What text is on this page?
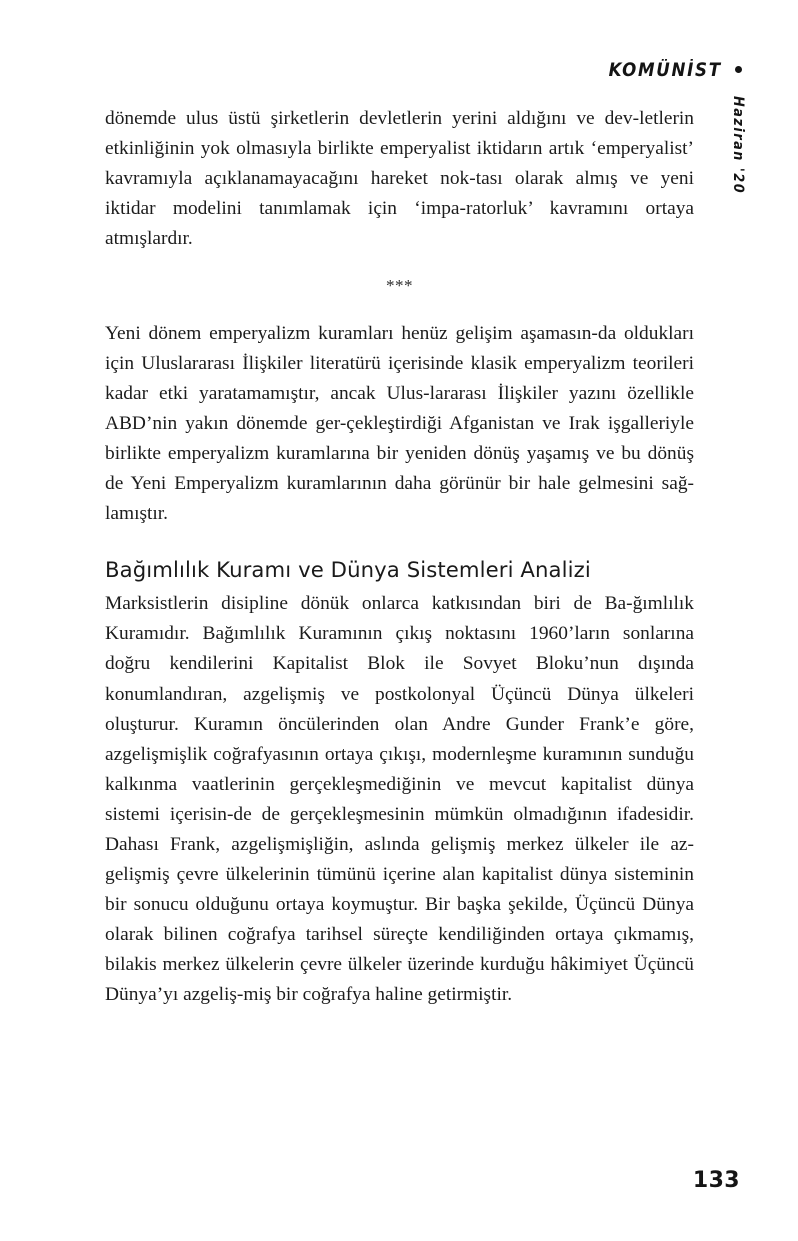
KOMÜNİST
Haziran '20

dönemde ulus üstü şirketlerin devletlerin yerini aldığını ve dev-letlerin etkinliğinin yok olmasıyla birlikte emperyalist iktidarın artık ‘emperyalist’ kavramıyla açıklanamayacağını hareket nok-tası olarak almış ve yeni iktidar modelini tanımlamak için ‘impa-ratorluk’ kavramını ortaya atmışlardır.

***

Yeni dönem emperyalizm kuramları henüz gelişim aşamasın-da oldukları için Uluslararası İlişkiler literatürü içerisinde klasik emperyalizm teorileri kadar etki yaratamamıştır, ancak Ulus-lararası İlişkiler yazını özellikle ABD’nin yakın dönemde ger-çekleştirdiği Afganistan ve Irak işgalleriyle birlikte emperyalizm kuramlarına bir yeniden dönüş yaşamış ve bu dönüş de Yeni Emperyalizm kuramlarının daha görünür bir hale gelmesini sağ-lamıştır.

Bağımlılık Kuramı ve Dünya Sistemleri Analizi

Marksistlerin disipline dönük onlarca katkısından biri de Ba-ğımlılık Kuramıdır. Bağımlılık Kuramının çıkış noktasını 1960’ların sonlarına doğru kendilerini Kapitalist Blok ile Sovyet Bloku’nun dışında konumlandıran, azgelişmiş ve postkolonyal Üçüncü Dünya ülkeleri oluşturur. Kuramın öncülerinden olan Andre Gunder Frank’e göre, azgelişmişlik coğrafyasının ortaya çıkışı, modernleşme kuramının sunduğu kalkınma vaatlerinin gerçekleşmediğinin ve mevcut kapitalist dünya sistemi içerisin-de de gerçekleşmesinin mümkün olmadığının ifadesidir. Dahası Frank, azgelişmişliğin, aslında gelişmiş merkez ülkeler ile az-gelişmiş çevre ülkelerinin tümünü içerine alan kapitalist dünya sisteminin bir sonucu olduğunu ortaya koymuştur. Bir başka şekilde, Üçüncü Dünya olarak bilinen coğrafya tarihsel süreçte kendiliğinden ortaya çıkmamış, bilakis merkez ülkelerin çevre ülkeler üzerinde kurduğu hâkimiyet Üçüncü Dünya’yı azgeliş-miş bir coğrafya haline getirmiştir.

133
